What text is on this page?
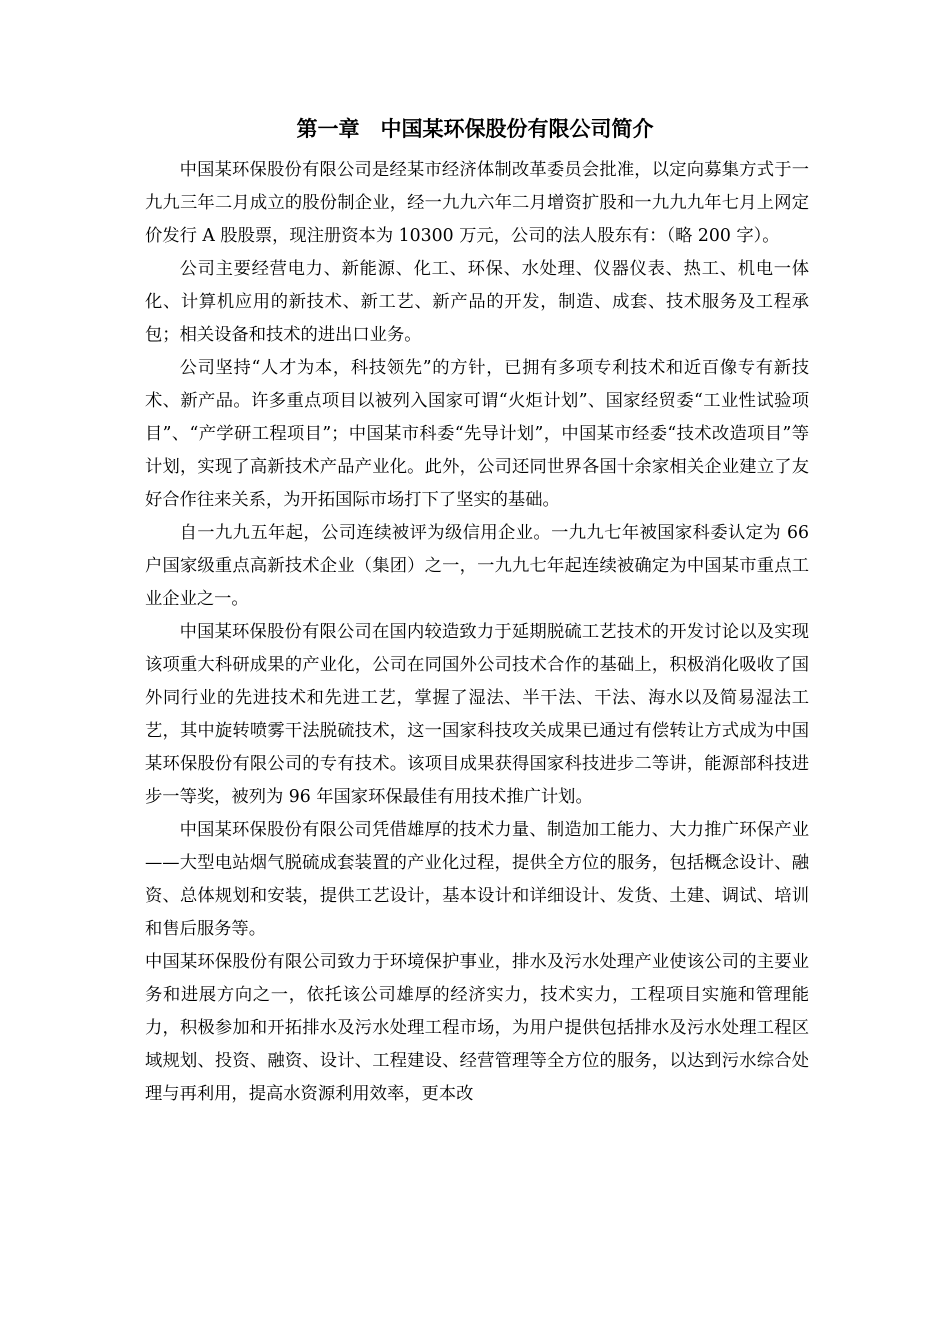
第一章　中国某环保股份有限公司简介

中国某环保股份有限公司是经某市经济体制改革委员会批准，以定向募集方式于一九九三年二月成立的股份制企业，经一九九六年二月增资扩股和一九九九年七月上网定价发行 A 股股票，现注册资本为 10300 万元，公司的法人股东有：（略 200 字）。

公司主要经营电力、新能源、化工、环保、水处理、仪器仪表、热工、机电一体化、计算机应用的新技术、新工艺、新产品的开发，制造、成套、技术服务及工程承包；相关设备和技术的进出口业务。

公司坚持“人才为本，科技领先”的方针，已拥有多项专利技术和近百像专有新技术、新产品。许多重点项目以被列入国家可谓“火炬计划”、国家经贸委“工业性试验项目”、“产学研工程项目”；中国某市科委“先导计划”，中国某市经委“技术改造项目”等计划，实现了高新技术产品产业化。此外，公司还同世界各国十余家相关企业建立了友好合作往来关系，为开拓国际市场打下了坚实的基础。

自一九九五年起，公司连续被评为级信用企业。一九九七年被国家科委认定为 66 户国家级重点高新技术企业（集团）之一，一九九七年起连续被确定为中国某市重点工业企业之一。

中国某环保股份有限公司在国内较造致力于延期脱硫工艺技术的开发讨论以及实现该项重大科研成果的产业化，公司在同国外公司技术合作的基础上，积极消化吸收了国外同行业的先进技术和先进工艺，掌握了湿法、半干法、干法、海水以及简易湿法工艺，其中旋转喷雾干法脱硫技术，这一国家科技攻关成果已通过有偿转让方式成为中国某环保股份有限公司的专有技术。该项目成果获得国家科技进步二等讲，能源部科技进步一等奖，被列为 96 年国家环保最佳有用技术推广计划。

中国某环保股份有限公司凭借雄厚的技术力量、制造加工能力、大力推广环保产业——大型电站烟气脱硫成套装置的产业化过程，提供全方位的服务，包括概念设计、融资、总体规划和安装，提供工艺设计，基本设计和详细设计、发货、土建、调试、培训和售后服务等。

中国某环保股份有限公司致力于环境保护事业，排水及污水处理产业使该公司的主要业务和进展方向之一，依托该公司雄厚的经济实力，技术实力，工程项目实施和管理能力，积极参加和开拓排水及污水处理工程市场，为用户提供包括排水及污水处理工程区域规划、投资、融资、设计、工程建设、经营管理等全方位的服务，以达到污水综合处理与再利用，提高水资源利用效率，更本改
